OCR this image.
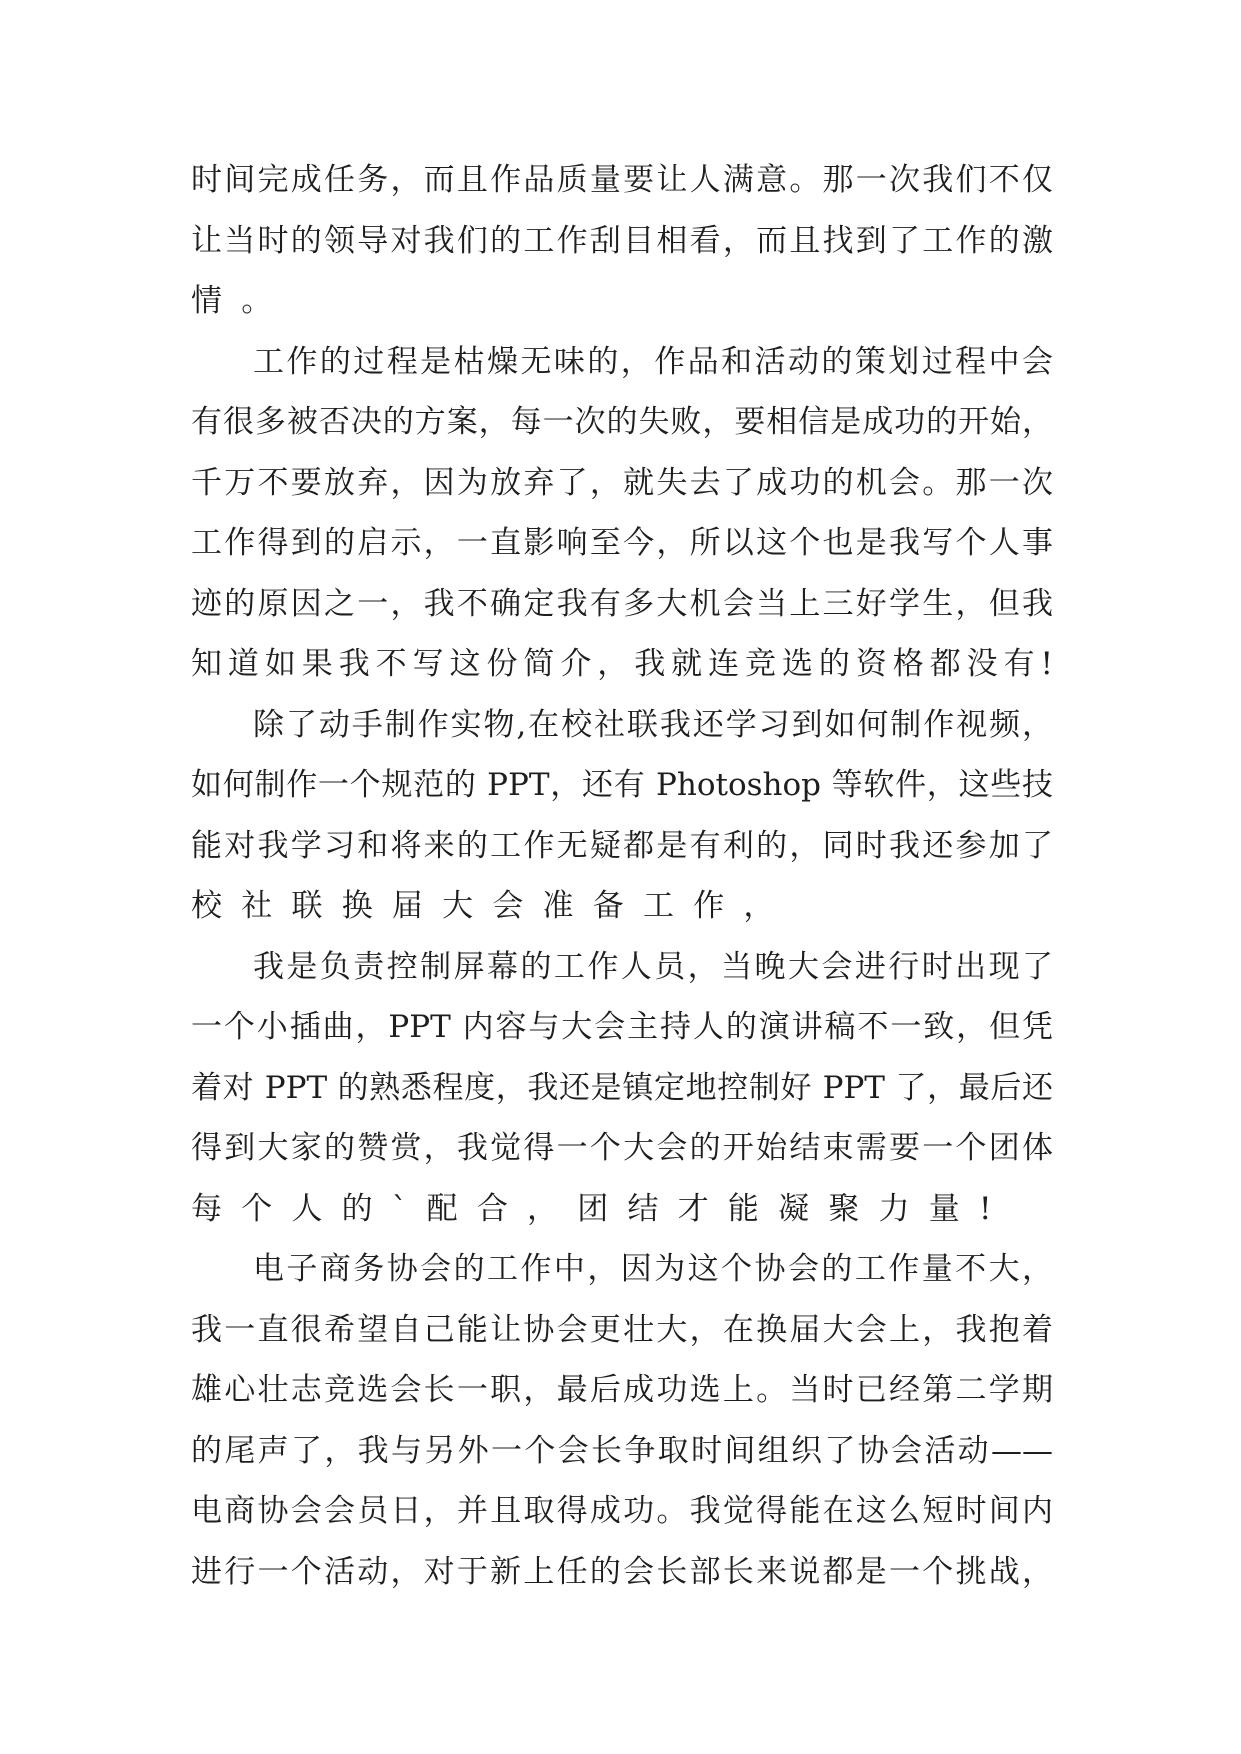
时间完成任务，而且作品质量要让人满意。那一次我们不仅
让当时的领导对我们的工作刮目相看，而且找到了工作的激
情。
工作的过程是枯燥无味的，作品和活动的策划过程中会
有很多被否决的方案，每一次的失败，要相信是成功的开始，
千万不要放弃，因为放弃了，就失去了成功的机会。那一次
工作得到的启示，一直影响至今，所以这个也是我写个人事
迹的原因之一，我不确定我有多大机会当上三好学生，但我
知道如果我不写这份简介，我就连竞选的资格都没有!
除了动手制作实物,在校社联我还学习到如何制作视频，
如何制作一个规范的 PPT，还有 Photoshop 等软件，这些技
能对我学习和将来的工作无疑都是有利的，同时我还参加了
校社联换届大会准备工作，
我是负责控制屏幕的工作人员，当晚大会进行时出现了
一个小插曲，PPT 内容与大会主持人的演讲稿不一致，但凭
着对 PPT 的熟悉程度，我还是镇定地控制好 PPT 了，最后还
得到大家的赞赏，我觉得一个大会的开始结束需要一个团体
每个人的`配合，团结才能凝聚力量!
电子商务协会的工作中，因为这个协会的工作量不大，
我一直很希望自己能让协会更壮大，在换届大会上，我抱着
雄心壮志竞选会长一职，最后成功选上。当时已经第二学期
的尾声了，我与另外一个会长争取时间组织了协会活动——
电商协会会员日，并且取得成功。我觉得能在这么短时间内
进行一个活动，对于新上任的会长部长来说都是一个挑战，
